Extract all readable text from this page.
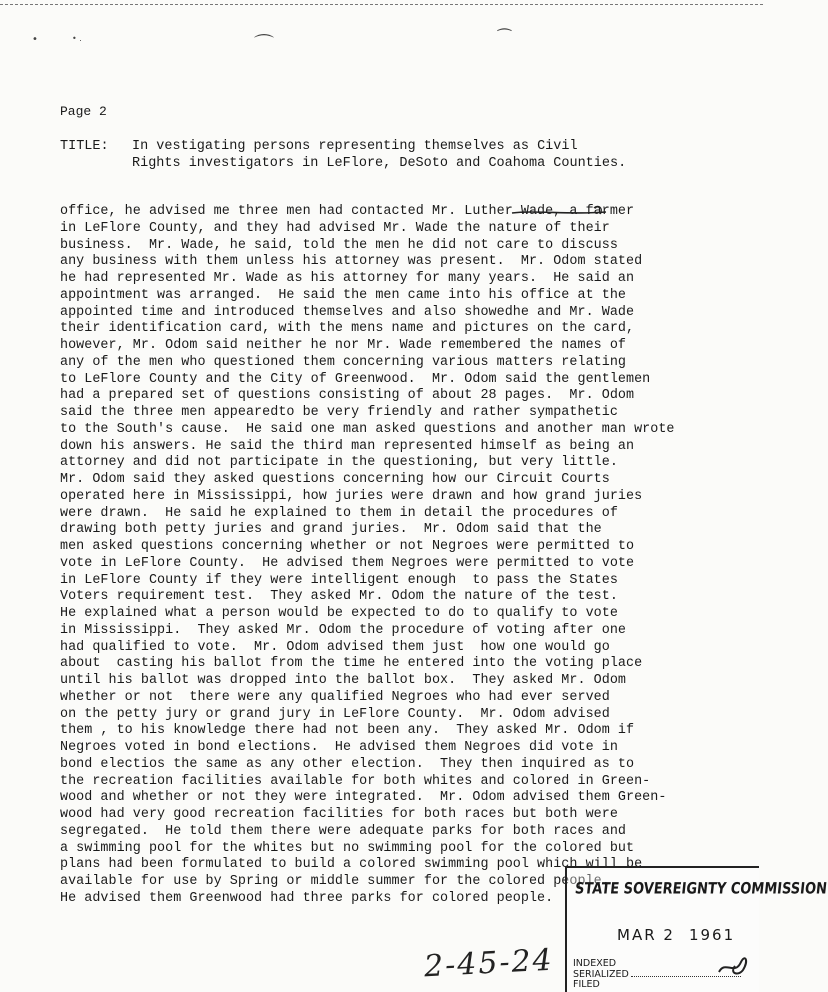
•	• .	⌒	⁀
Page 2
TITLE: In vestigating persons representing themselves as Civil
Rights investigators in LeFlore, DeSoto and Coahoma Counties.
office, he advised me three men had contacted Mr. Luther Wade, a farmer
in LeFlore County, and they had advised Mr. Wade the nature of their
business.  Mr. Wade, he said, told the men he did not care to discuss
any business with them unless his attorney was present.  Mr. Odom stated
he had represented Mr. Wade as his attorney for many years.  He said an
appointment was arranged.  He said the men came into his office at the
appointed time and introduced themselves and also showedhe and Mr. Wade
their identification card, with the mens name and pictures on the card,
however, Mr. Odom said neither he nor Mr. Wade remembered the names of
any of the men who questioned them concerning various matters relating
to LeFlore County and the City of Greenwood.  Mr. Odom said the gentlemen
had a prepared set of questions consisting of about 28 pages.  Mr. Odom
said the three men appearedto be very friendly and rather sympathetic
to the South's cause.  He said one man asked questions and another man wrote
down his answers. He said the third man represented himself as being an
attorney and did not participate in the questioning, but very little.
Mr. Odom said they asked questions concerning how our Circuit Courts
operated here in Mississippi, how juries were drawn and how grand juries
were drawn.  He said he explained to them in detail the procedures of
drawing both petty juries and grand juries.  Mr. Odom said that the
men asked questions concerning whether or not Negroes were permitted to
vote in LeFlore County.  He advised them Negroes were permitted to vote
in LeFlore County if they were intelligent enough  to pass the States
Voters requirement test.  They asked Mr. Odom the nature of the test.
He explained what a person would be expected to do to qualify to vote
in Mississippi.  They asked Mr. Odom the procedure of voting after one
had qualified to vote.  Mr. Odom advised them just  how one would go
about  casting his ballot from the time he entered into the voting place
until his ballot was dropped into the ballot box.  They asked Mr. Odom
whether or not  there were any qualified Negroes who had ever served
on the petty jury or grand jury in LeFlore County.  Mr. Odom advised
them , to his knowledge there had not been any.  They asked Mr. Odom if
Negroes voted in bond elections.  He advised them Negroes did vote in
bond electios the same as any other election.  They then inquired as to
the recreation facilities available for both whites and colored in Green-
wood and whether or not they were integrated.  Mr. Odom advised them Green-
wood had very good recreation facilities for both races but both were
segregated.  He told them there were adequate parks for both races and
a swimming pool for the whites but no swimming pool for the colored but
plans had been formulated to build a colored swimming pool which will be
available for use by Spring or middle summer for the colored people.
He advised them Greenwood had three parks for colored people.	STATE SOVEREIGNTY COMMISSION
MAR 2 1961
INDEXED
SERIALIZED
FILED
2-45-24
